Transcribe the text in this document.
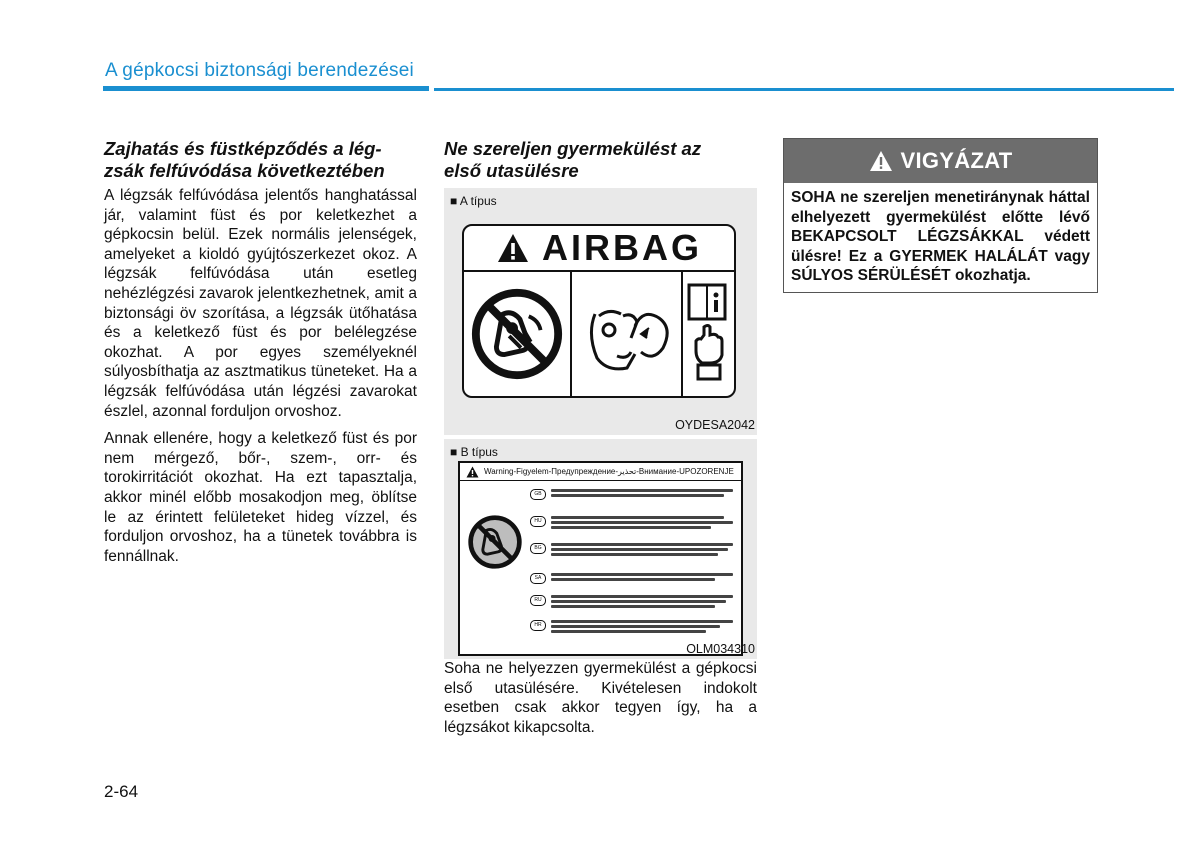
A gépkocsi biztonsági berendezései
Zajhatás és füstképződés a lég-
zsák felfúvódása következtében

A légzsák felfúvódása jelentős hanghatással jár, valamint füst és por keletkezhet a gépkocsin belül. Ezek normális jelenségek, amelyeket a kioldó gyújtószerkezet okoz. A légzsák felfúvódása után esetleg nehézlégzési zavarok jelentkezhetnek, amit a biztonsági öv szorítása, a légzsák ütőhatása és a keletkező füst és por belélegzése okozhat. A por egyes személyeknél súlyosbíthatja az asztmatikus tüneteket. Ha a légzsák felfúvódása után légzési zavarokat észlel, azonnal forduljon orvoshoz.

Annak ellenére, hogy a keletkező füst és por nem mérgező, bőr-, szem-, orr- és torokirritációt okozhat. Ha ezt tapasztalja, akkor minél előbb mosakodjon meg, öblítse le az érintett felületeket hideg vízzel, és forduljon orvoshoz, ha a tünetek továbbra is fennállnak.

Ne szereljen gyermekülést az
első utasülésre
■ A típus
AIRBAG
OYDESA2042
■ B típus
Warning-Figyelem-Предупреждение-تحذير-Внимание-UPOZORENJE
GB
HU
BG
SA
RU
HR
OLM034310

Soha ne helyezzen gyermekülést a gépkocsi első utasülésére. Kivételesen indokolt esetben csak akkor tegyen így, ha a légzsákot kikapcsolta.

VIGYÁZAT
SOHA ne szereljen menetiránynak háttal elhelyezett gyermekülést előtte lévő BEKAPCSOLT LÉGZSÁKKAL védett ülésre! Ez a GYERMEK HALÁLÁT vagy SÚLYOS SÉRÜLÉSÉT okozhatja.
2-64
